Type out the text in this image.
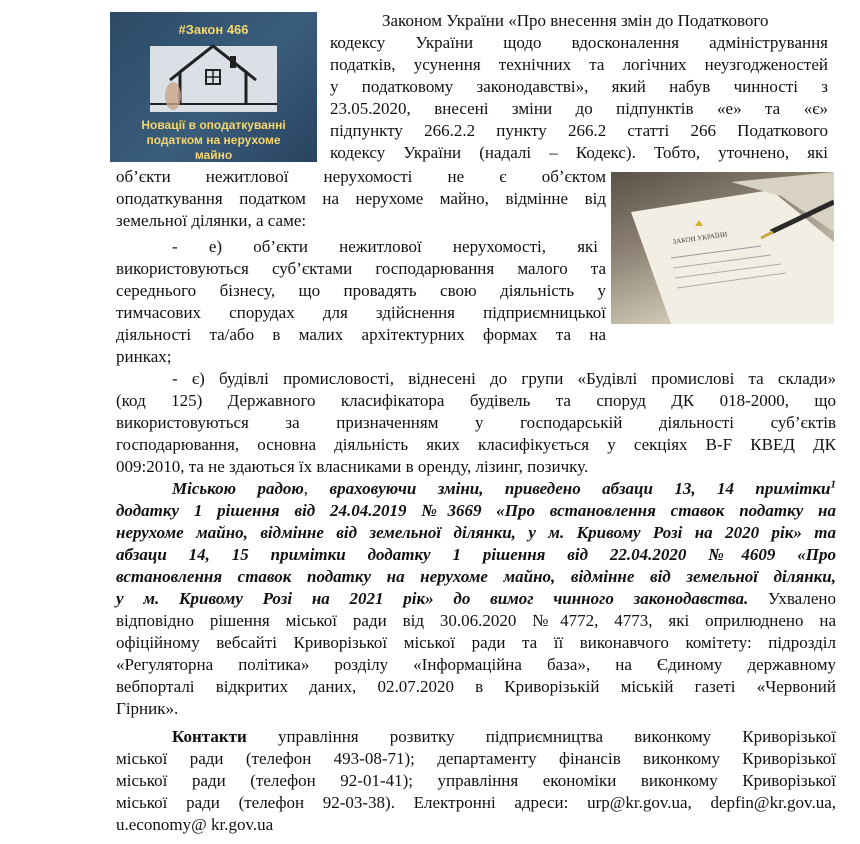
#Закон 466
Новації в оподаткуванні
податком на нерухоме
майно
ЗАКОН УКРАЇНИ
Законом України «Про внесення змін до Податкового
кодексу України щодо вдосконалення адміністрування
податків, усунення технічних та логічних неузгодженостей
у податковому законодавстві», який набув чинності з
23.05.2020, внесені зміни до підпунктів «е» та «є»
підпункту 266.2.2 пункту 266.2 статті 266 Податкового
кодексу України (надалі – Кодекс). Тобто, уточнено, які
об’єкти нежитлової нерухомості не є об’єктом
оподаткування податком на нерухоме майно, відмінне від
земельної ділянки, а саме:
- е) об’єкти нежитлової нерухомості, які
використовуються суб’єктами господарювання малого та
середнього бізнесу, що провадять свою діяльність у
тимчасових спорудах для здійснення підприємницької
діяльності та/або в малих архітектурних формах та на
ринках;
- є) будівлі промисловості, віднесені до групи «Будівлі промислові та склади»
(код 125) Державного класифікатора будівель та споруд ДК 018-2000, що
використовуються за призначенням у господарській діяльності суб’єктів
господарювання, основна діяльність яких класифікується у секціях B-F КВЕД ДК
009:2010, та не здаються їх власниками в оренду, лізинг, позичку.
Міською радою, враховуючи зміни, приведено абзаци 13, 14 примітки$^1$
додатку 1 рішення від 24.04.2019 №3669 «Про встановлення ставок податку на
нерухоме майно, відмінне від земельної ділянки, у м. Кривому Розі на 2020 рік» та
абзаци 14, 15 примітки додатку 1 рішення від 22.04.2020 №4609 «Про
встановлення ставок податку на нерухоме майно, відмінне від земельної ділянки,
у м. Кривому Розі на 2021 рік» до вимог чинного законодавства. Ухвалено
відповідно рішення міської ради від 30.06.2020 №4772, 4773, які оприлюднено на
офіційному вебсайті Криворізької міської ради та її виконавчого комітету: підрозділ
«Регуляторна політика» розділу «Інформаційна база», на Єдиному державному
вебпорталі відкритих даних, 02.07.2020 в Криворізькій міській газеті «Червоний
Гірник».
Контакти управління розвитку підприємництва виконкому Криворізької
міської ради (телефон 493-08-71); департаменту фінансів виконкому Криворізької
міської ради (телефон 92-01-41); управління економіки виконкому Криворізької
міської ради (телефон 92-03-38). Електронні адреси: urp@kr.gov.ua, depfin@kr.gov.ua,
u.economy@ kr.gov.ua
